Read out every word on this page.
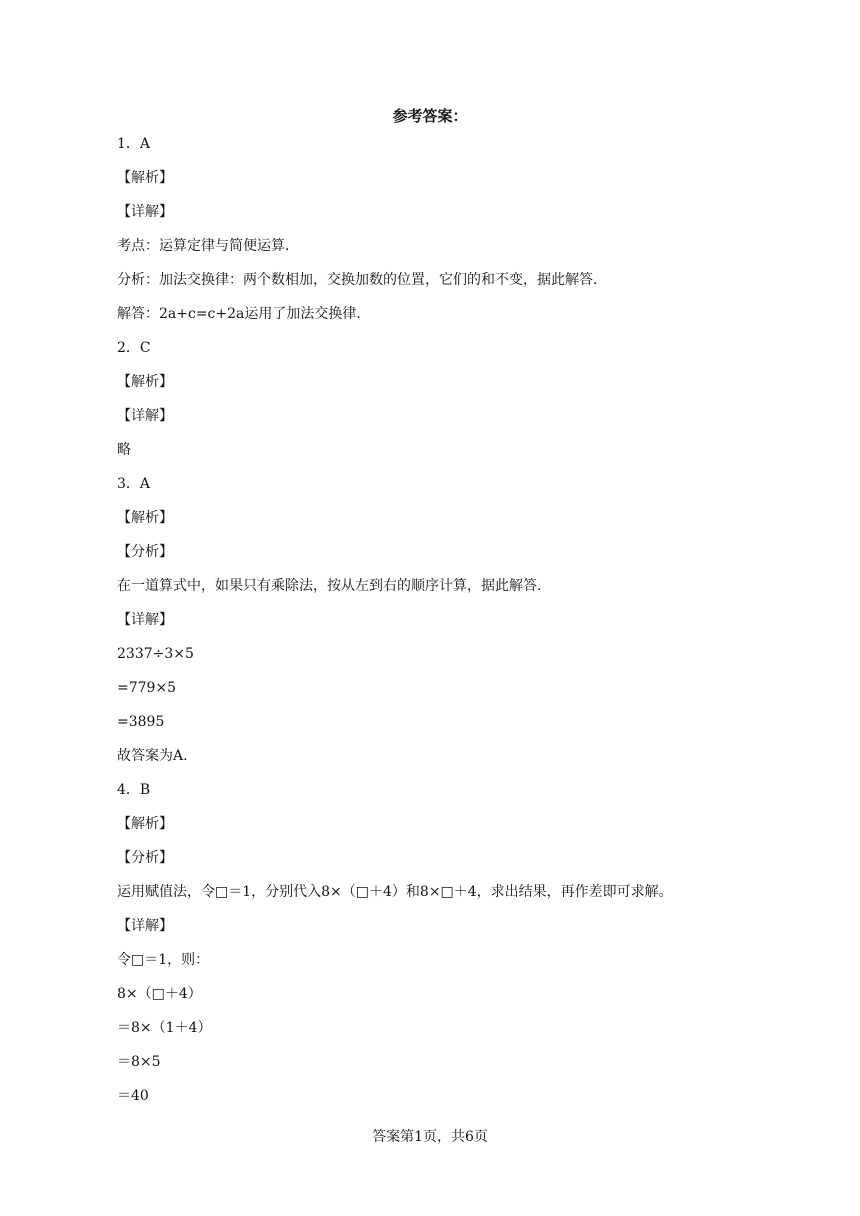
参考答案：
1．A
【解析】
【详解】
考点：运算定律与简便运算．
分析：加法交换律：两个数相加，交换加数的位置，它们的和不变，据此解答．
解答：2a+c=c+2a运用了加法交换律．
2．C
【解析】
【详解】
略
3．A
【解析】
【分析】
在一道算式中，如果只有乘除法，按从左到右的顺序计算，据此解答.
【详解】
2337÷3×5
=779×5
=3895
故答案为A.
4．B
【解析】
【分析】
运用赋值法，令□＝1，分别代入8×（□＋4）和8×□＋4，求出结果，再作差即可求解。
【详解】
令□＝1，则：
8×（□＋4）
＝8×（1＋4）
＝8×5
＝40
答案第1页，共6页
